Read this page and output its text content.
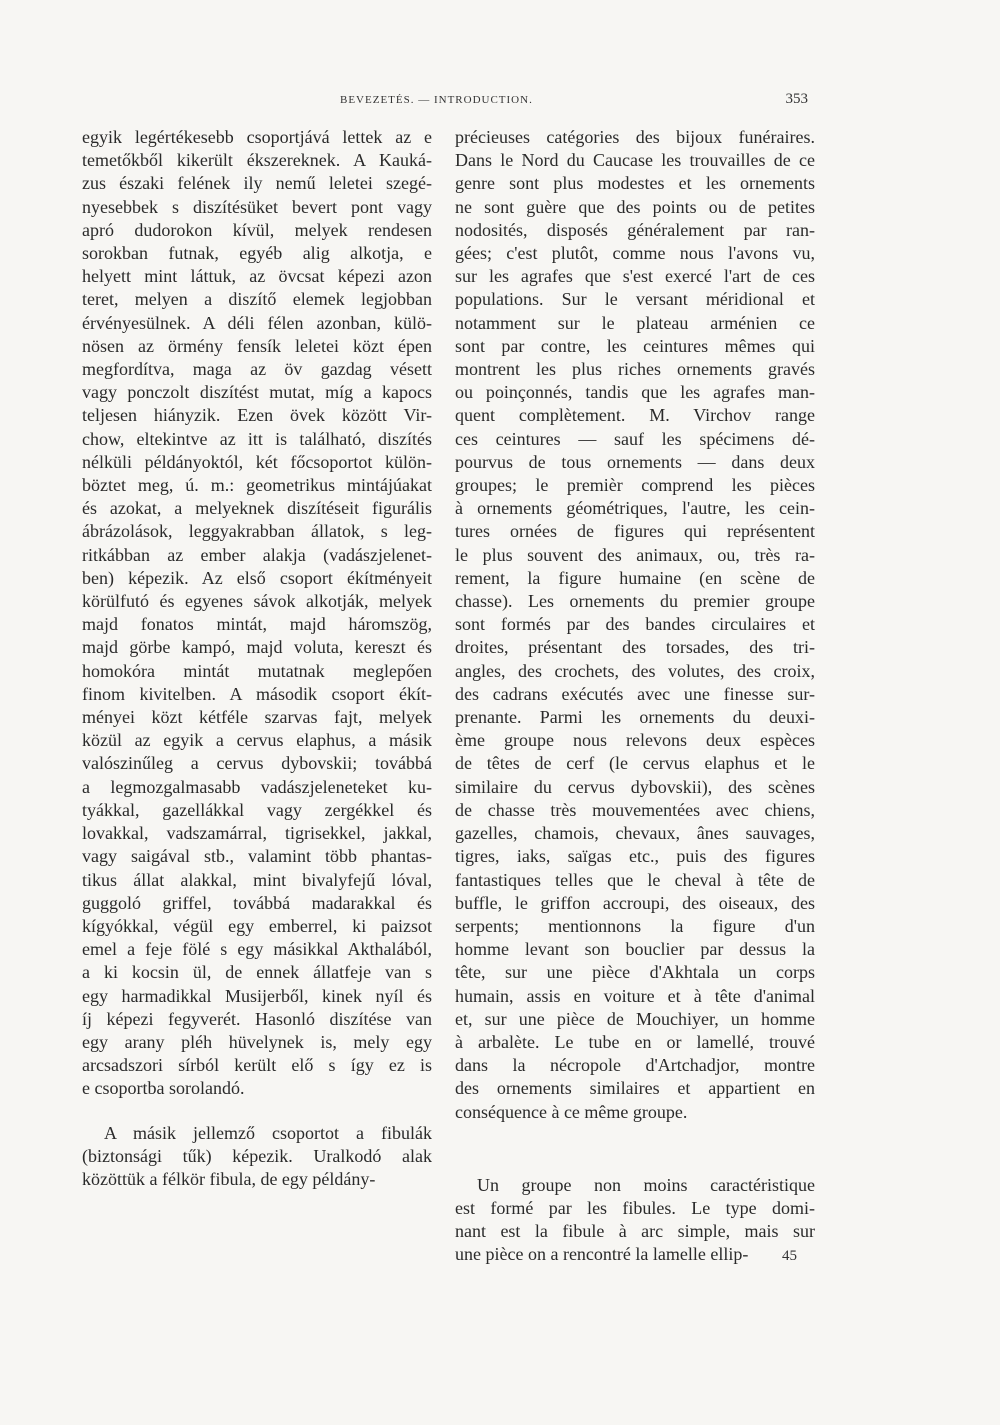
BEVEZETÉS. — INTRODUCTION.	353

egyik legértékesebb csoportjává lettek az e
temetőkből kikerült ékszereknek. A Kauká-
zus északi felének ily nemű leletei szegé-
nyesebbek s diszítésüket bevert pont vagy
apró dudorokon kívül, melyek rendesen
sorokban futnak, egyéb alig alkotja, e
helyett mint láttuk, az övcsat képezi azon
teret, melyen a diszítő elemek legjobban
érvényesülnek. A déli félen azonban, külö-
nösen az örmény fensík leletei közt épen
megfordítva, maga az öv gazdag vésett
vagy ponczolt diszítést mutat, míg a kapocs
teljesen hiányzik. Ezen övek között Vir-
chow, eltekintve az itt is található, diszítés
nélküli példányoktól, két főcsoportot külön-
böztet meg, ú. m.: geometrikus mintájúakat
és azokat, a melyeknek diszítéseit figurális
ábrázolások, leggyakrabban állatok, s leg-
ritkábban az ember alakja (vadászjelenet-
ben) képezik. Az első csoport ékítményeit
körülfutó és egyenes sávok alkotják, melyek
majd fonatos mintát, majd háromszög,
majd görbe kampó, majd voluta, kereszt és
homokóra mintát mutatnak meglepően
finom kivitelben. A második csoport ékít-
ményei közt kétféle szarvas fajt, melyek
közül az egyik a cervus elaphus, a másik
valószinűleg a cervus dybovskii; továbbá
a legmozgalmasabb vadászjeleneteket ku-
tyákkal, gazellákkal vagy zergékkel és
lovakkal, vadszamárral, tigrisekkel, jakkal,
vagy saigával stb., valamint több phantas-
tikus állat alakkal, mint bivalyfejű lóval,
guggoló griffel, továbbá madarakkal és
kígyókkal, végül egy emberrel, ki paizsot
emel a feje fölé s egy másikkal Akthalából,
a ki kocsin ül, de ennek állatfeje van s
egy harmadikkal Musijerből, kinek nyíl és
íj képezi fegyverét. Hasonló diszítése van
egy arany pléh hüvelynek is, mely egy
arcsadszori sírból került elő s így ez is
e csoportba sorolandó.

A másik jellemző csoportot a fibulák
(biztonsági tűk) képezik. Uralkodó alak
közöttük a félkör fibula, de egy példány-

précieuses catégories des bijoux funéraires.
Dans le Nord du Caucase les trouvailles de ce
genre sont plus modestes et les ornements
ne sont guère que des points ou de petites
nodosités, disposés généralement par ran-
gées; c'est plutôt, comme nous l'avons vu,
sur les agrafes que s'est exercé l'art de ces
populations. Sur le versant méridional et
notamment sur le plateau arménien ce
sont par contre, les ceintures mêmes qui
montrent les plus riches ornements gravés
ou poinçonnés, tandis que les agrafes man-
quent complètement. M. Virchov range
ces ceintures — sauf les spécimens dé-
pourvus de tous ornements — dans deux
groupes; le premièr comprend les pièces
à ornements géométriques, l'autre, les cein-
tures ornées de figures qui représentent
le plus souvent des animaux, ou, très ra-
rement, la figure humaine (en scène de
chasse). Les ornements du premier groupe
sont formés par des bandes circulaires et
droites, présentant des torsades, des tri-
angles, des crochets, des volutes, des croix,
des cadrans exécutés avec une finesse sur-
prenante. Parmi les ornements du deuxi-
ème groupe nous relevons deux espèces
de têtes de cerf (le cervus elaphus et le
similaire du cervus dybovskii), des scènes
de chasse très mouvementées avec chiens,
gazelles, chamois, chevaux, ânes sauvages,
tigres, iaks, saïgas etc., puis des figures
fantastiques telles que le cheval à tête de
buffle, le griffon accroupi, des oiseaux, des
serpents; mentionnons la figure d'un
homme levant son bouclier par dessus la
tête, sur une pièce d'Akhtala un corps
humain, assis en voiture et à tête d'animal
et, sur une pièce de Mouchiyer, un homme
à arbalète. Le tube en or lamellé, trouvé
dans la nécropole d'Artchadjor, montre
des ornements similaires et appartient en
conséquence à ce même groupe.

Un groupe non moins caractéristique
est formé par les fibules. Le type domi-
nant est la fibule à arc simple, mais sur
une pièce on a rencontré la lamelle ellip-	45
